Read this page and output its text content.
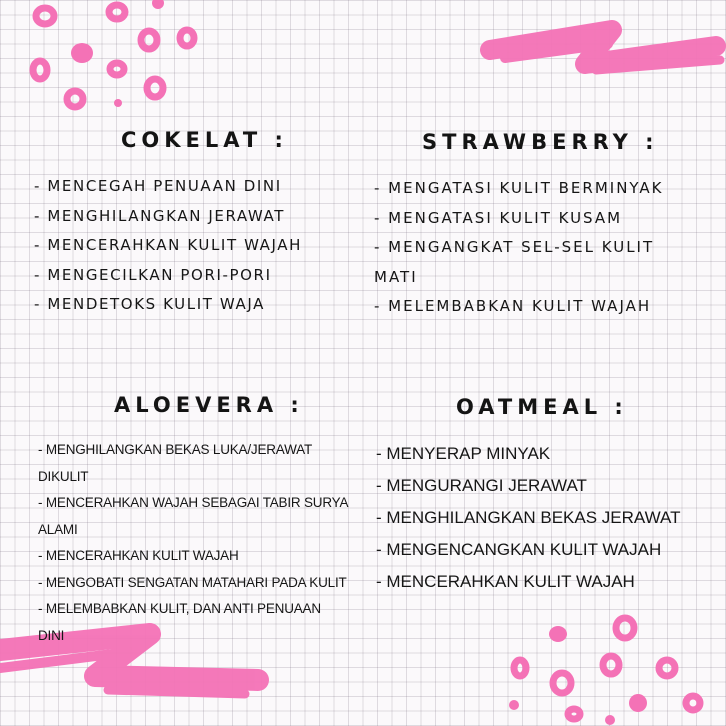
COKELAT :
- MENCEGAH PENUAAN DINI
- MENGHILANGKAN JERAWAT
- MENCERAHKAN KULIT WAJAH
- MENGECILKAN PORI-PORI
- MENDETOKS KULIT WAJA
STRAWBERRY :
- MENGATASI KULIT BERMINYAK
- MENGATASI KULIT KUSAM
- MENGANGKAT SEL-SEL KULIT
MATI
- MELEMBABKAN KULIT WAJAH
ALOEVERA :
- MENGHILANGKAN BEKAS LUKA/JERAWAT
DIKULIT
- MENCERAHKAN WAJAH SEBAGAI TABIR SURYA
ALAMI
- MENCERAHKAN KULIT WAJAH
- MENGOBATI SENGATAN MATAHARI PADA KULIT
- MELEMBABKAN KULIT, DAN ANTI PENUAAN
DINI
OATMEAL :
- MENYERAP MINYAK
- MENGURANGI JERAWAT
- MENGHILANGKAN BEKAS JERAWAT
- MENGENCANGKAN KULIT WAJAH
- MENCERAHKAN KULIT WAJAH
